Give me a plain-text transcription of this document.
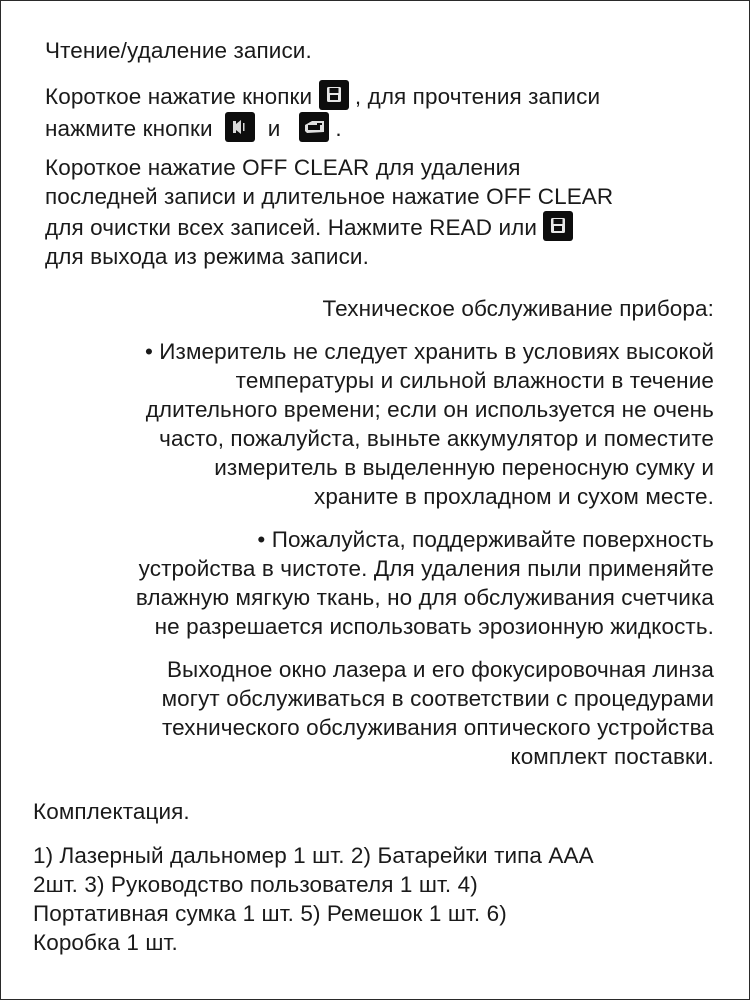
Чтение/удаление записи.

Короткое нажатие кнопки , для прочтения записи
нажмите кнопки и .

Короткое нажатие OFF CLEAR для удаления
последней записи и длительное нажатие OFF CLEAR
для очистки всех записей. Нажмите READ или

для выхода из режима записи.

Техническое обслуживание прибора:

• Измеритель не следует хранить в условиях высокой
температуры и сильной влажности в течение
длительного времени; если он используется не очень
часто, пожалуйста, выньте аккумулятор и поместите
измеритель в выделенную переносную сумку и
храните в прохладном и сухом месте.

• Пожалуйста, поддерживайте поверхность
устройства в чистоте. Для удаления пыли применяйте
влажную мягкую ткань, но для обслуживания счетчика
не разрешается использовать эрозионную жидкость.

Выходное окно лазера и его фокусировочная линза
могут обслуживаться в соответствии с процедурами
технического обслуживания оптического устройства
комплект поставки.

Комплектация.

1) Лазерный дальномер 1 шт. 2) Батарейки типа AAA
2шт. 3) Руководство пользователя 1 шт. 4)
Портативная сумка 1 шт. 5) Ремешок 1 шт. 6)
Коробка 1 шт.
